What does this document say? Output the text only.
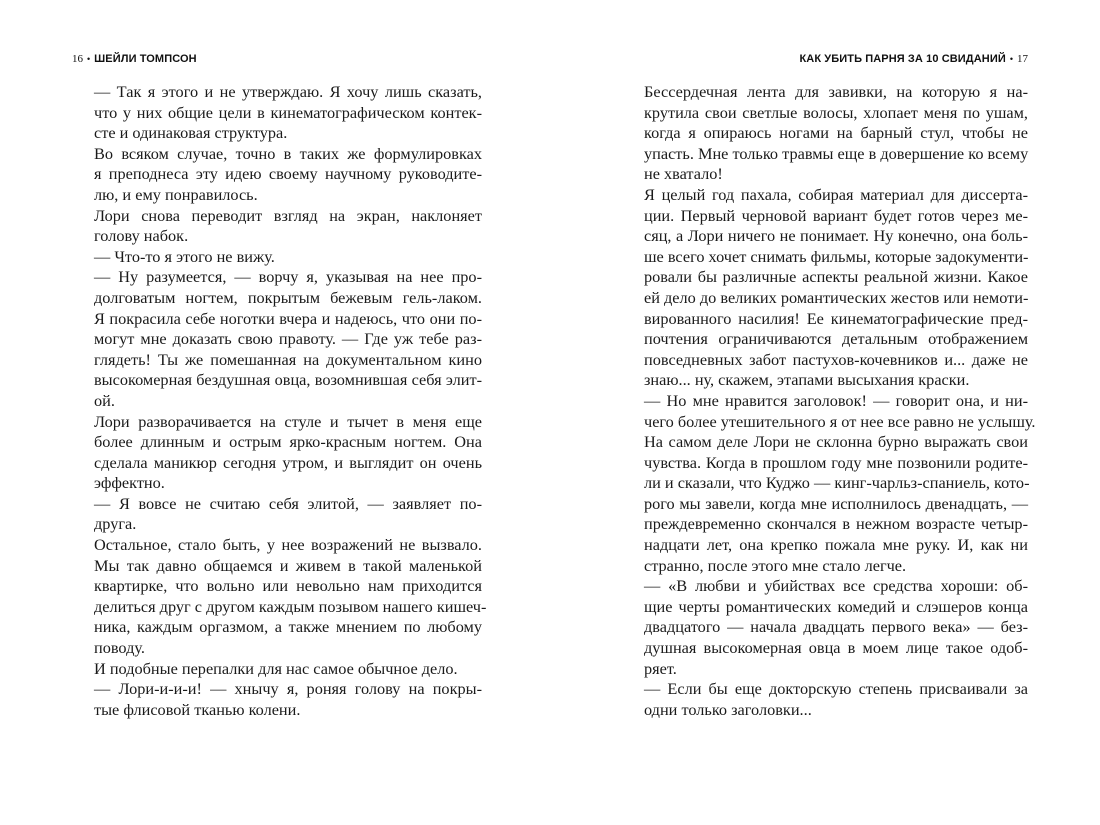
16 • ШЕЙЛИ ТОМПСОН
— Так я этого и не утверждаю. Я хочу лишь сказать,
что у них общие цели в кинематографическом контек-
сте и одинаковая структура.
Во всяком случае, точно в таких же формулировках
я преподнеса эту идею своему научному руководите-
лю, и ему понравилось.
Лори снова переводит взгляд на экран, наклоняет
голову набок.
— Что-то я этого не вижу.
— Ну разумеется, — ворчу я, указывая на нее про-
долговатым ногтем, покрытым бежевым гель-лаком.
Я покрасила себе ноготки вчера и надеюсь, что они по-
могут мне доказать свою правоту. — Где уж тебе раз-
глядеть! Ты же помешанная на документальном кино
высокомерная бездушная овца, возомнившая себя элит-
ой.
Лори разворачивается на стуле и тычет в меня еще
более длинным и острым ярко-красным ногтем. Она
сделала маникюр сегодня утром, и выглядит он очень
эффектно.
— Я вовсе не считаю себя элитой, — заявляет по-
друга.
Остальное, стало быть, у нее возражений не вызвало.
Мы так давно общаемся и живем в такой маленькой
квартирке, что вольно или невольно нам приходится
делиться друг с другом каждым позывом нашего кишеч-
ника, каждым оргазмом, а также мнением по любому
поводу.
И подобные перепалки для нас самое обычное дело.
— Лори-и-и-и! — хнычу я, роняя голову на покры-
тые флисовой тканью колени.
КАК УБИТЬ ПАРНЯ ЗА 10 СВИДАНИЙ • 17
Бессердечная лента для завивки, на которую я на-
крутила свои светлые волосы, хлопает меня по ушам,
когда я опираюсь ногами на барный стул, чтобы не
упасть. Мне только травмы еще в довершение ко всему
не хватало!
Я целый год пахала, собирая материал для диссерта-
ции. Первый черновой вариант будет готов через ме-
сяц, а Лори ничего не понимает. Ну конечно, она боль-
ше всего хочет снимать фильмы, которые задокументи-
ровали бы различные аспекты реальной жизни. Какое
ей дело до великих романтических жестов или немоти-
вированного насилия! Ее кинематографические пред-
почтения ограничиваются детальным отображением
повседневных забот пастухов-кочевников и... даже не
знаю... ну, скажем, этапами высыхания краски.
— Но мне нравится заголовок! — говорит она, и ни-
чего более утешительного я от нее все равно не услышу.
На самом деле Лори не склонна бурно выражать свои
чувства. Когда в прошлом году мне позвонили родите-
ли и сказали, что Куджо — кинг-чарльз-спаниель, кото-
рого мы завели, когда мне исполнилось двенадцать, —
преждевременно скончался в нежном возрасте четыр-
надцати лет, она крепко пожала мне руку. И, как ни
странно, после этого мне стало легче.
— «В любви и убийствах все средства хороши: об-
щие черты романтических комедий и слэшеров конца
двадцатого — начала двадцать первого века» — без-
душная высокомерная овца в моем лице такое одоб-
ряет.
— Если бы еще докторскую степень присваивали за
одни только заголовки...
